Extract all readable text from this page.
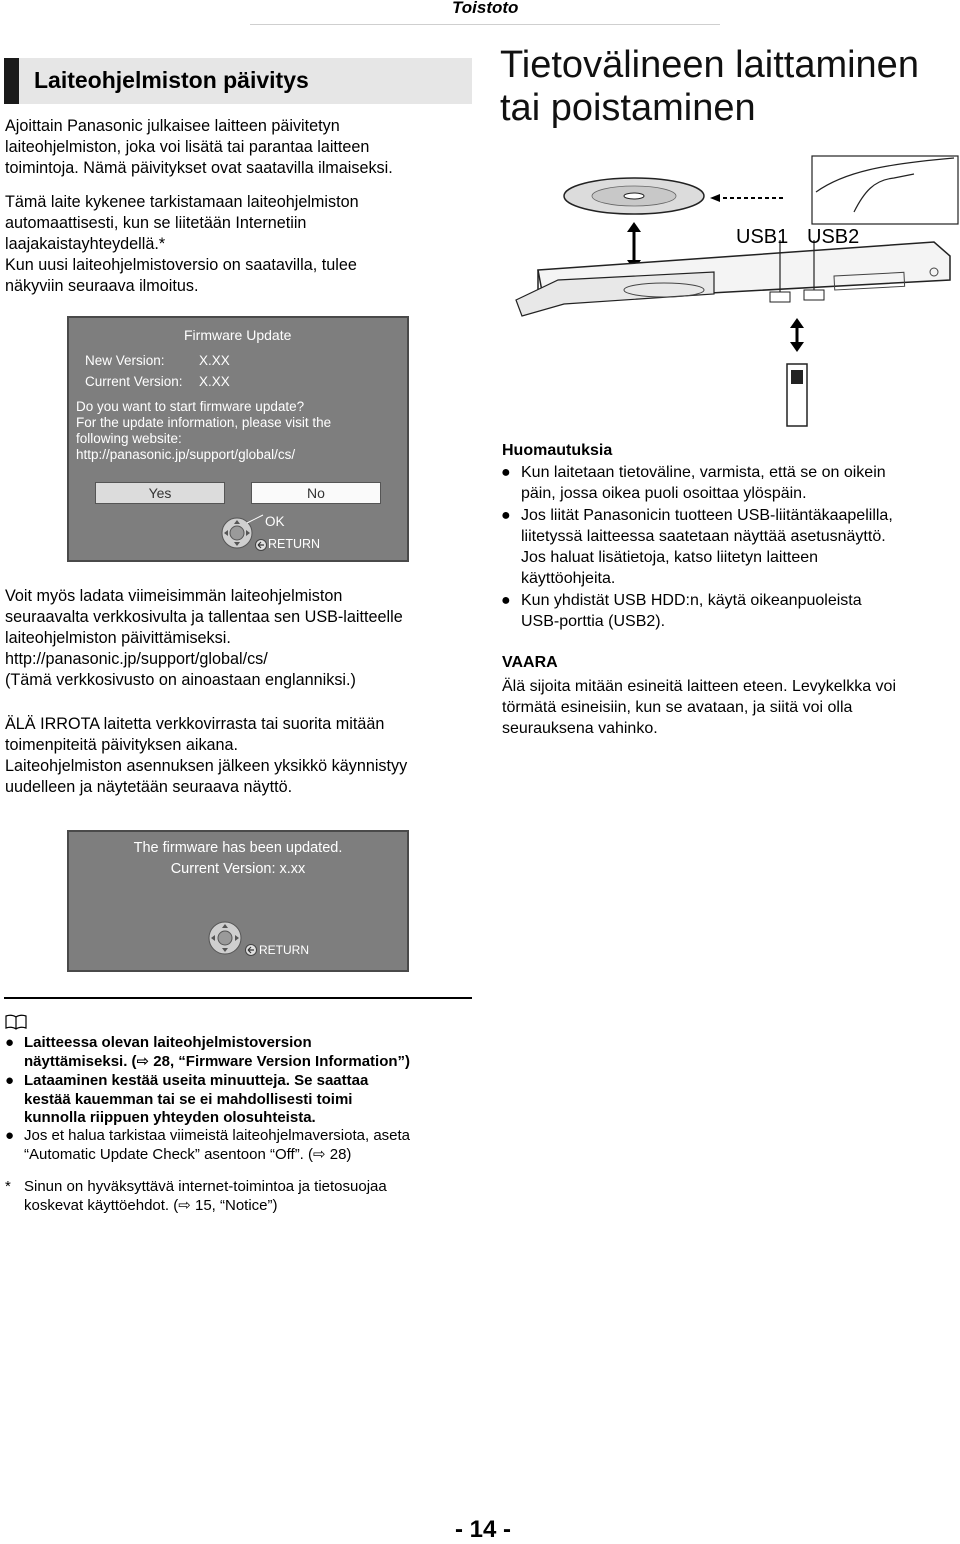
Toistoto
Laiteohjelmiston päivitys

Ajoittain Panasonic julkaisee laitteen päivitetyn

laiteohjelmiston, joka voi lisätä tai parantaa laitteen

toimintoja. Nämä päivitykset ovat saatavilla ilmaiseksi.

Tämä laite kykenee tarkistamaan laiteohjelmiston

automaattisesti, kun se liitetään Internetiin

laajakaistayhteydellä.*

Kun uusi laiteohjelmistoversio on saatavilla, tulee

näkyviin seuraava ilmoitus.

Firmware Update
New Version:	X.XX
Current Version: X.XX
Do you want to start firmware update?
For the update information, please visit the
following website:
http://panasonic.jp/support/global/cs/
Yes	No
OK
RETURN

Voit myös ladata viimeisimmän laiteohjelmiston

seuraavalta verkkosivulta ja tallentaa sen USB-laitteelle

laiteohjelmiston päivittämiseksi.

http://panasonic.jp/support/global/cs/

(Tämä verkkosivusto on ainoastaan englanniksi.)

ÄLÄ IRROTA laitetta verkkovirrasta tai suorita mitään

toimenpiteitä päivityksen aikana.

Laiteohjelmiston asennuksen jälkeen yksikkö käynnistyy

uudelleen ja näytetään seuraava näyttö.

The firmware has been updated.
Current Version: x.xx
RETURN
● Laitteessa olevan laiteohjelmistoversion
näyttämiseksi. (⇨ 28, “Firmware Version Information”)
● Lataaminen kestää useita minuutteja. Se saattaa
kestää kauemman tai se ei mahdollisesti toimi
kunnolla riippuen yhteyden olosuhteista.
● Jos et halua tarkistaa viimeistä laiteohjelmaversiota, aseta
“Automatic Update Check” asentoon “Off”. (⇨ 28)
* Sinun on hyväksyttävä internet-toimintoa ja tietosuojaa
koskevat käyttöehdot. (⇨ 15, “Notice”)
Tietovälineen laittaminen
tai poistaminen
USB1 USB2
Huomautuksia
● Kun laitetaan tietoväline, varmista, että se on oikein
päin, jossa oikea puoli osoittaa ylöspäin.
● Jos liität Panasonicin tuotteen USB-liitäntäkaapelilla,
liitetyssä laitteessa saatetaan näyttää asetusnäyttö.
Jos haluat lisätietoja, katso liitetyn laitteen
käyttöohjeita.
● Kun yhdistät USB HDD:n, käytä oikeanpuoleista
USB-porttia (USB2).
VAARA
Älä sijoita mitään esineitä laitteen eteen. Levykelkka voi
törmätä esineisiin, kun se avataan, ja siitä voi olla
seurauksena vahinko.
- 14 -
